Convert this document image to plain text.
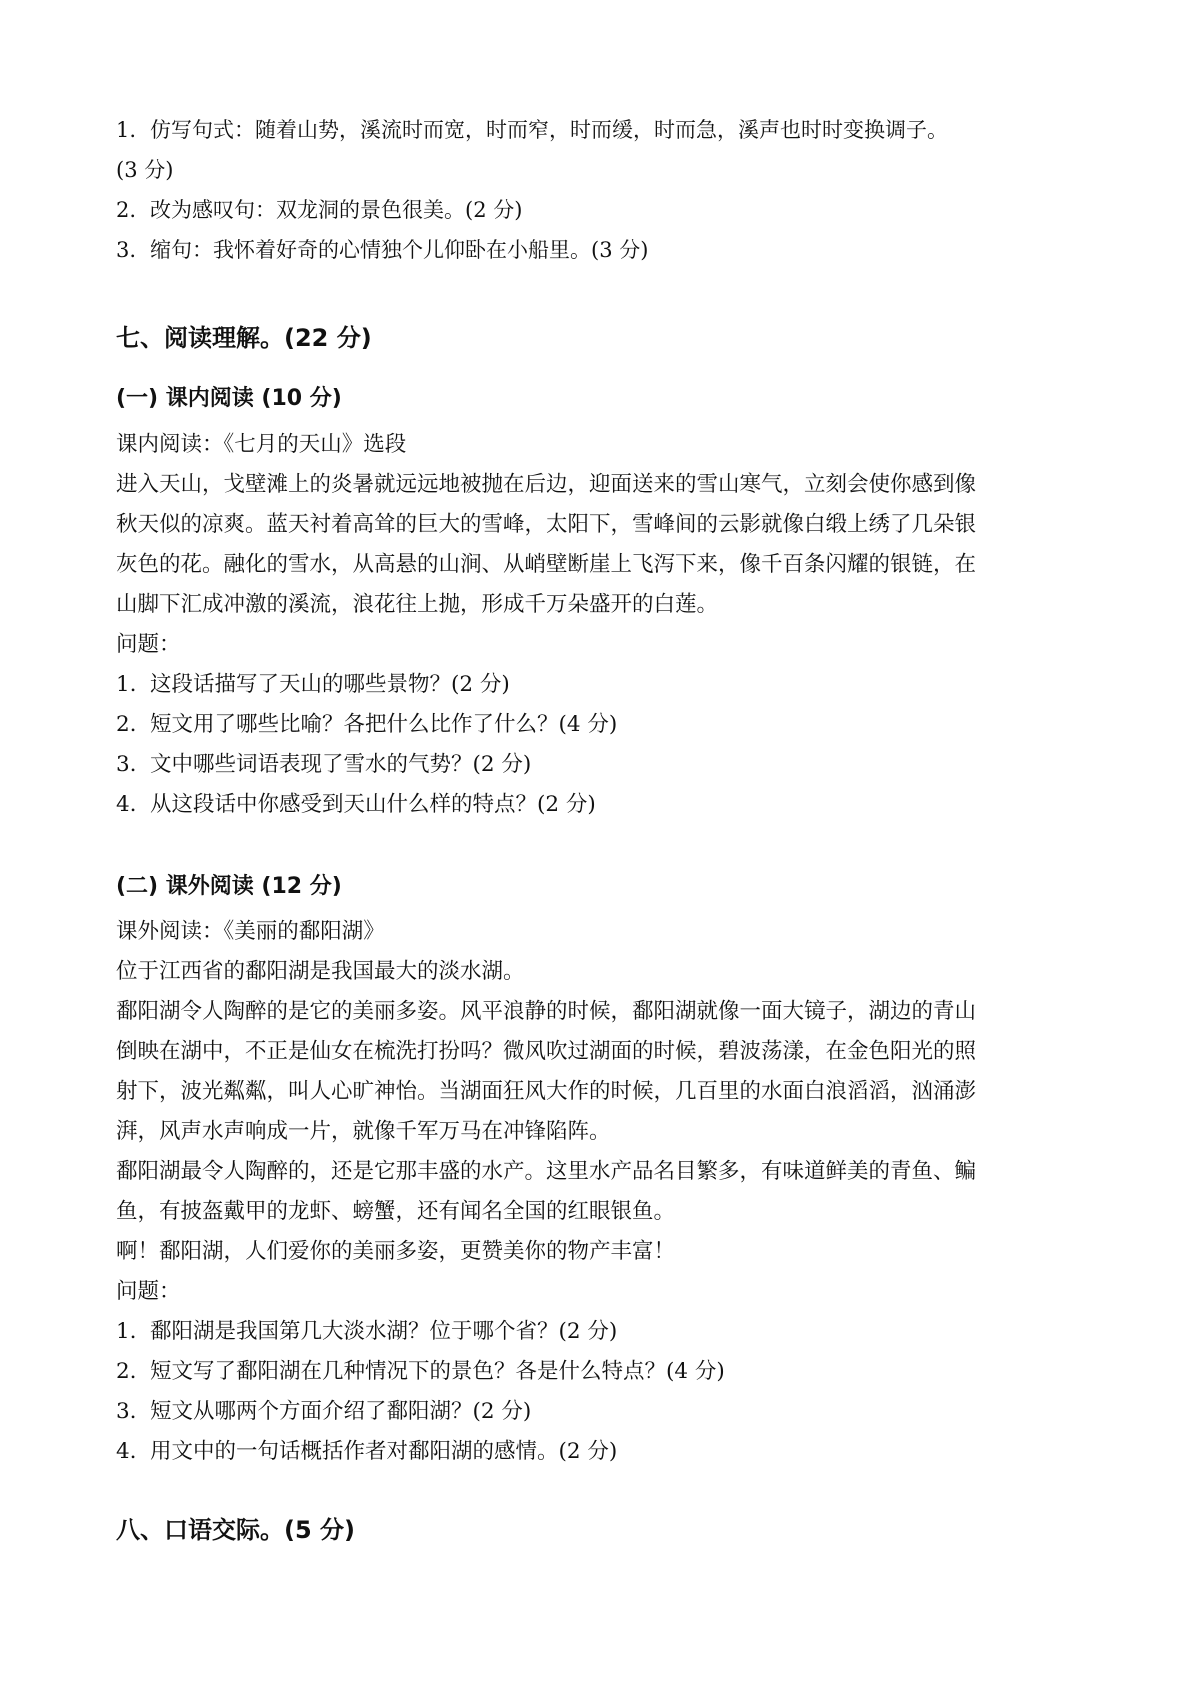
1. 仿写句式：随着山势，溪流时而宽，时而窄，时而缓，时而急，溪声也时时变换调子。
(3 分)
2. 改为感叹句：双龙洞的景色很美。(2 分)
3. 缩句：我怀着好奇的心情独个儿仰卧在小船里。(3 分)
七、阅读理解。(22 分)
(一) 课内阅读 (10 分)
课内阅读：《七月的天山》选段
进入天山，戈壁滩上的炎暑就远远地被抛在后边，迎面送来的雪山寒气，立刻会使你感到像
秋天似的凉爽。蓝天衬着高耸的巨大的雪峰，太阳下，雪峰间的云影就像白缎上绣了几朵银
灰色的花。融化的雪水，从高悬的山涧、从峭壁断崖上飞泻下来，像千百条闪耀的银链，在
山脚下汇成冲激的溪流，浪花往上抛，形成千万朵盛开的白莲。
问题：
1. 这段话描写了天山的哪些景物？(2 分)
2. 短文用了哪些比喻？各把什么比作了什么？(4 分)
3. 文中哪些词语表现了雪水的气势？(2 分)
4. 从这段话中你感受到天山什么样的特点？(2 分)
(二) 课外阅读 (12 分)
课外阅读：《美丽的鄱阳湖》
位于江西省的鄱阳湖是我国最大的淡水湖。
鄱阳湖令人陶醉的是它的美丽多姿。风平浪静的时候，鄱阳湖就像一面大镜子，湖边的青山
倒映在湖中，不正是仙女在梳洗打扮吗？微风吹过湖面的时候，碧波荡漾，在金色阳光的照
射下，波光粼粼，叫人心旷神怡。当湖面狂风大作的时候，几百里的水面白浪滔滔，汹涌澎
湃，风声水声响成一片，就像千军万马在冲锋陷阵。
鄱阳湖最令人陶醉的，还是它那丰盛的水产。这里水产品名目繁多，有味道鲜美的青鱼、鳊
鱼，有披盔戴甲的龙虾、螃蟹，还有闻名全国的红眼银鱼。
啊！鄱阳湖，人们爱你的美丽多姿，更赞美你的物产丰富！
问题：
1. 鄱阳湖是我国第几大淡水湖？位于哪个省？(2 分)
2. 短文写了鄱阳湖在几种情况下的景色？各是什么特点？(4 分)
3. 短文从哪两个方面介绍了鄱阳湖？(2 分)
4. 用文中的一句话概括作者对鄱阳湖的感情。(2 分)
八、口语交际。(5 分)
